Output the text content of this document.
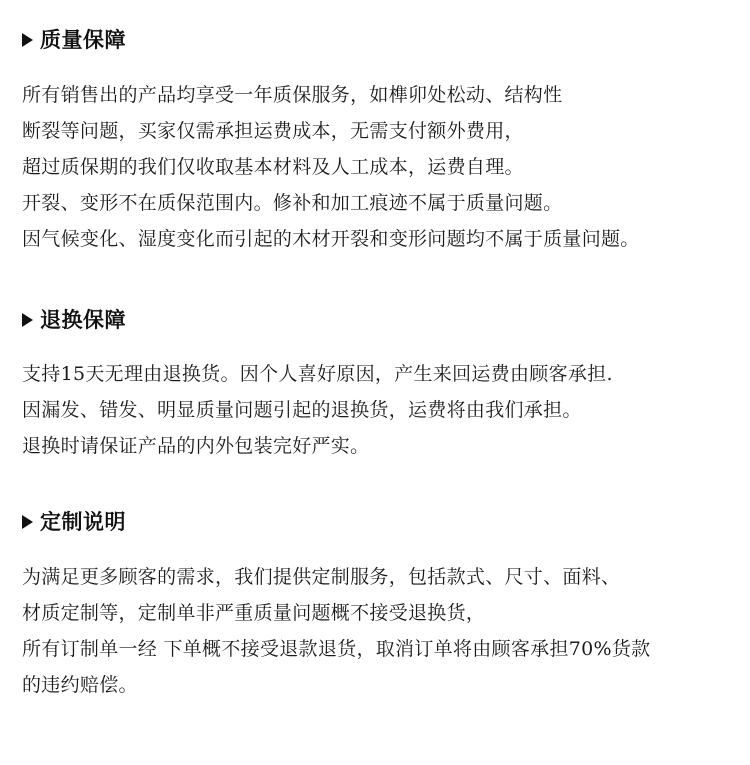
质量保障
所有销售出的产品均享受一年质保服务，如榫卯处松动、结构性
断裂等问题，买家仅需承担运费成本，无需支付额外费用，
超过质保期的我们仅收取基本材料及人工成本，运费自理。
开裂、变形不在质保范围内。修补和加工痕迹不属于质量问题。
因气候变化、湿度变化而引起的木材开裂和变形问题均不属于质量问题。
退换保障
支持15天无理由退换货。因个人喜好原因，产生来回运费由顾客承担.
因漏发、错发、明显质量问题引起的退换货，运费将由我们承担。
退换时请保证产品的内外包装完好严实。
定制说明
为满足更多顾客的需求，我们提供定制服务，包括款式、尺寸、面料、
材质定制等，定制单非严重质量问题概不接受退换货，
所有订制单一经 下单概不接受退款退货，取消订单将由顾客承担70%货款
的违约赔偿。
